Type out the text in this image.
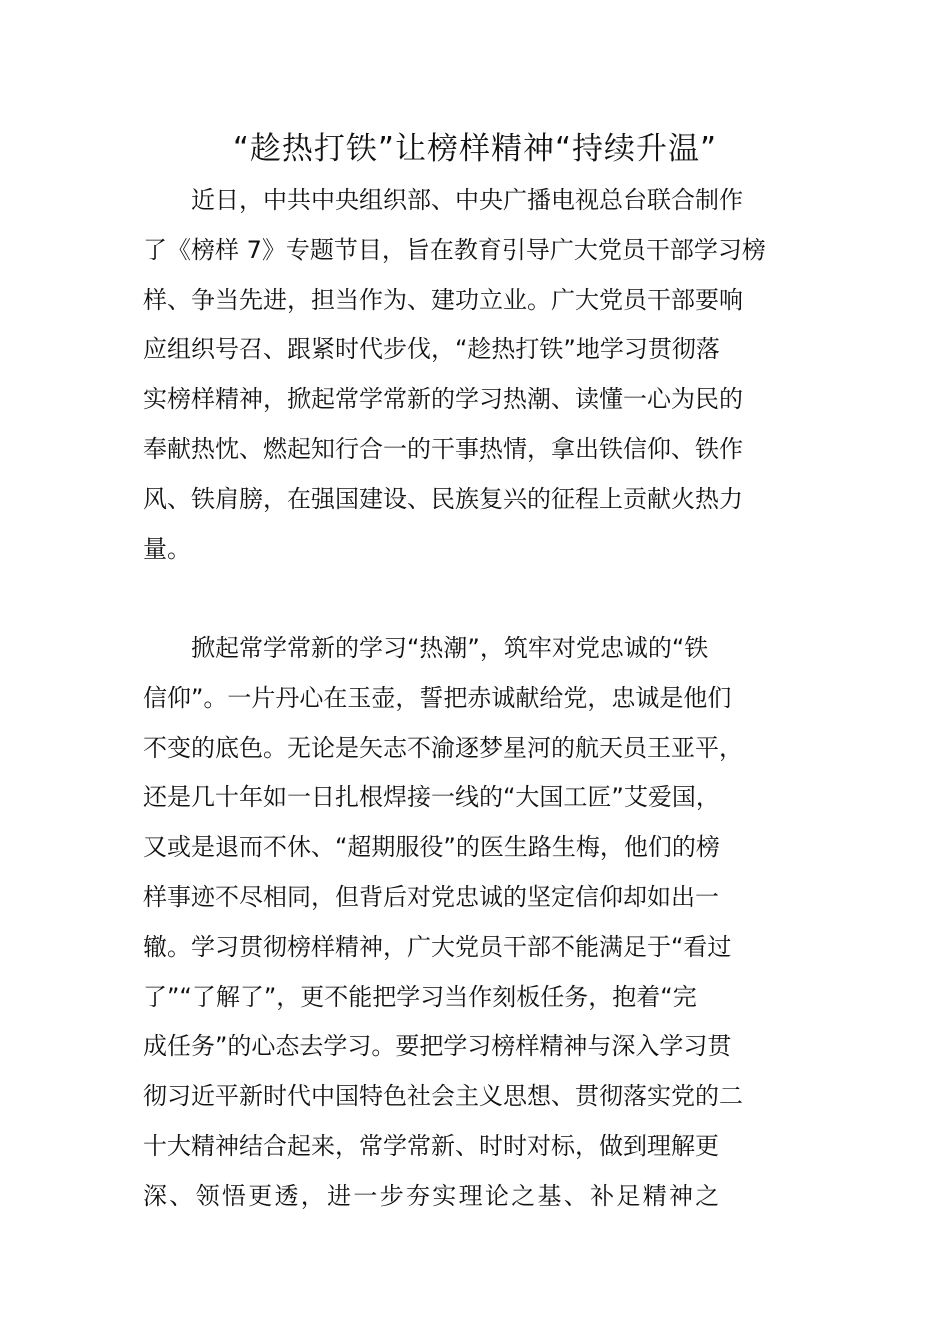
“趁热打铁”让榜样精神“持续升温”
近日，中共中央组织部、中央广播电视总台联合制作
了《榜样 7》专题节目，旨在教育引导广大党员干部学习榜
样、争当先进，担当作为、建功立业。广大党员干部要响
应组织号召、跟紧时代步伐，“趁热打铁”地学习贯彻落
实榜样精神，掀起常学常新的学习热潮、读懂一心为民的
奉献热忱、燃起知行合一的干事热情，拿出铁信仰、铁作
风、铁肩膀，在强国建设、民族复兴的征程上贡献火热力
量。
掀起常学常新的学习“热潮”，筑牢对党忠诚的“铁
信仰”。一片丹心在玉壶，誓把赤诚献给党，忠诚是他们
不变的底色。无论是矢志不渝逐梦星河的航天员王亚平，
还是几十年如一日扎根焊接一线的“大国工匠”艾爱国，
又或是退而不休、“超期服役”的医生路生梅，他们的榜
样事迹不尽相同，但背后对党忠诚的坚定信仰却如出一
辙。学习贯彻榜样精神，广大党员干部不能满足于“看过
了”“了解了”，更不能把学习当作刻板任务，抱着“完
成任务”的心态去学习。要把学习榜样精神与深入学习贯
彻习近平新时代中国特色社会主义思想、贯彻落实党的二
十大精神结合起来，常学常新、时时对标，做到理解更
深、领悟更透，进一步夯实理论之基、补足精神之
